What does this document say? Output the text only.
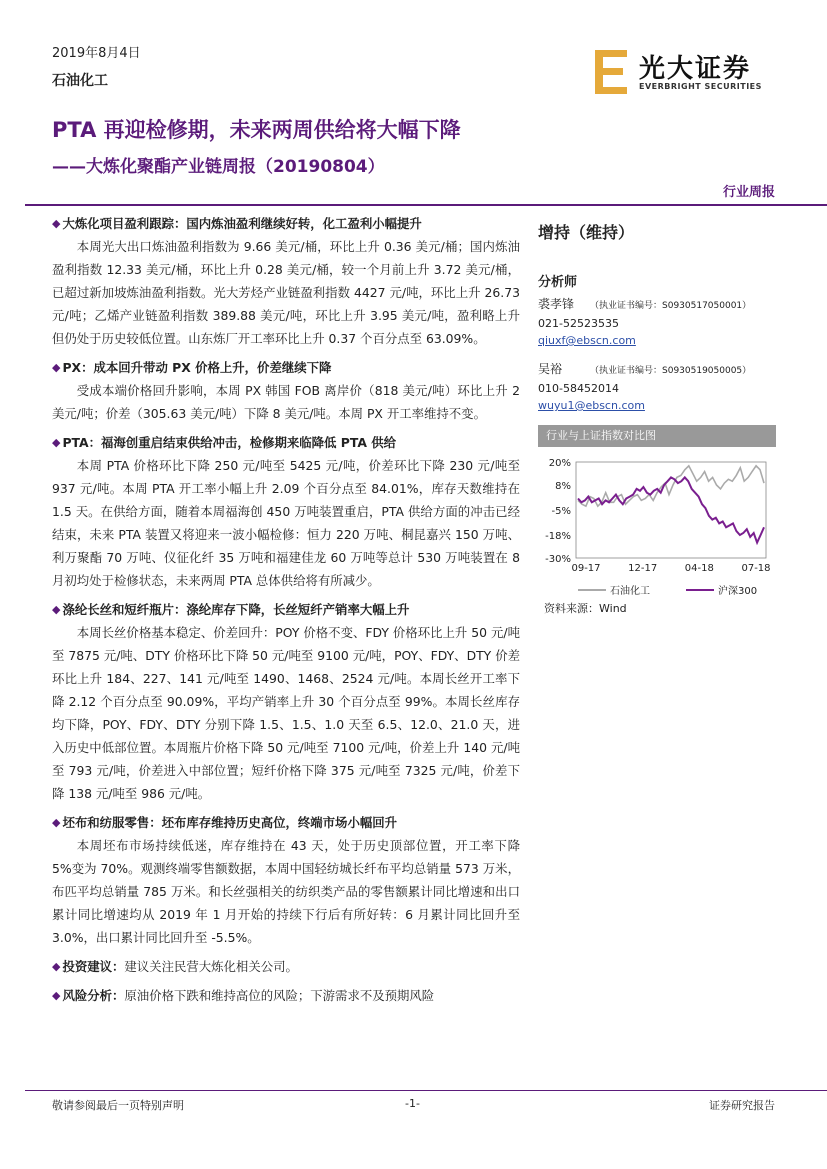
2019年8月4日
石油化工	光大证券
EVERBRIGHT SECURITIES
PTA 再迎检修期，未来两周供给将大幅下降
——大炼化聚酯产业链周报（20190804）
行业周报
◆ 大炼化项目盈利跟踪：国内炼油盈利继续好转，化工盈利小幅提升

本周光大出口炼油盈利指数为 9.66 美元/桶，环比上升 0.36 美元/桶；国内炼油盈利指数 12.33 美元/桶，环比上升 0.28 美元/桶，较一个月前上升 3.72 美元/桶，已超过新加坡炼油盈利指数。光大芳烃产业链盈利指数 4427 元/吨，环比上升 26.73 元/吨；乙烯产业链盈利指数 389.88 美元/吨，环比上升 3.95 美元/吨，盈利略上升但仍处于历史较低位置。山东炼厂开工率环比上升 0.37 个百分点至 63.09%。

◆ PX：成本回升带动 PX 价格上升，价差继续下降

受成本端价格回升影响，本周 PX 韩国 FOB 离岸价（818 美元/吨）环比上升 2 美元/吨；价差（305.63 美元/吨）下降 8 美元/吨。本周 PX 开工率维持不变。

◆ PTA：福海创重启结束供给冲击，检修期来临降低 PTA 供给

本周 PTA 价格环比下降 250 元/吨至 5425 元/吨，价差环比下降 230 元/吨至 937 元/吨。本周 PTA 开工率小幅上升 2.09 个百分点至 84.01%，库存天数维持在 1.5 天。在供给方面，随着本周福海创 450 万吨装置重启，PTA 供给方面的冲击已经结束，未来 PTA 装置又将迎来一波小幅检修：恒力 220 万吨、桐昆嘉兴 150 万吨、利万聚酯 70 万吨、仪征化纤 35 万吨和福建佳龙 60 万吨等总计 530 万吨装置在 8 月初均处于检修状态，未来两周 PTA 总体供给将有所减少。

◆ 涤纶长丝和短纤瓶片：涤纶库存下降，长丝短纤产销率大幅上升

本周长丝价格基本稳定、价差回升：POY 价格不变、FDY 价格环比上升 50 元/吨至 7875 元/吨、DTY 价格环比下降 50 元/吨至 9100 元/吨，POY、FDY、DTY 价差环比上升 184、227、141 元/吨至 1490、1468、2524 元/吨。本周长丝开工率下降 2.12 个百分点至 90.09%，平均产销率上升 30 个百分点至 99%。本周长丝库存均下降，POY、FDY、DTY 分别下降 1.5、1.5、1.0 天至 6.5、12.0、21.0 天，进入历史中低部位置。本周瓶片价格下降 50 元/吨至 7100 元/吨，价差上升 140 元/吨至 793 元/吨，价差进入中部位置；短纤价格下降 375 元/吨至 7325 元/吨，价差下降 138 元/吨至 986 元/吨。

◆ 坯布和纺服零售：坯布库存维持历史高位，终端市场小幅回升

本周坯布市场持续低迷，库存维持在 43 天，处于历史顶部位置，开工率下降 5%变为 70%。观测终端零售额数据，本周中国轻纺城长纤布平均总销量 573 万米，布匹平均总销量 785 万米。和长丝强相关的纺织类产品的零售额累计同比增速和出口累计同比增速均从 2019 年 1 月开始的持续下行后有所好转：6 月累计同比回升至 3.0%，出口累计同比回升至 -5.5%。

◆ 投资建议： 建议关注民营大炼化相关公司。
◆ 风险分析： 原油价格下跌和维持高位的风险；下游需求不及预期风险
增持（维持）
分析师
裘孝锋 （执业证书编号：S0930517050001）
021-52523535
qiuxf@ebscn.com
吴裕	（执业证书编号：S0930519050005）
010-58452014
wuyu1@ebscn.com
行业与上证指数对比图
20%
8%
-5%
-18%
-30%
09-17	12-17	04-18	07-18
石油化工	沪深300
资料来源：Wind
敬请参阅最后一页特别声明	-1-	证券研究报告
